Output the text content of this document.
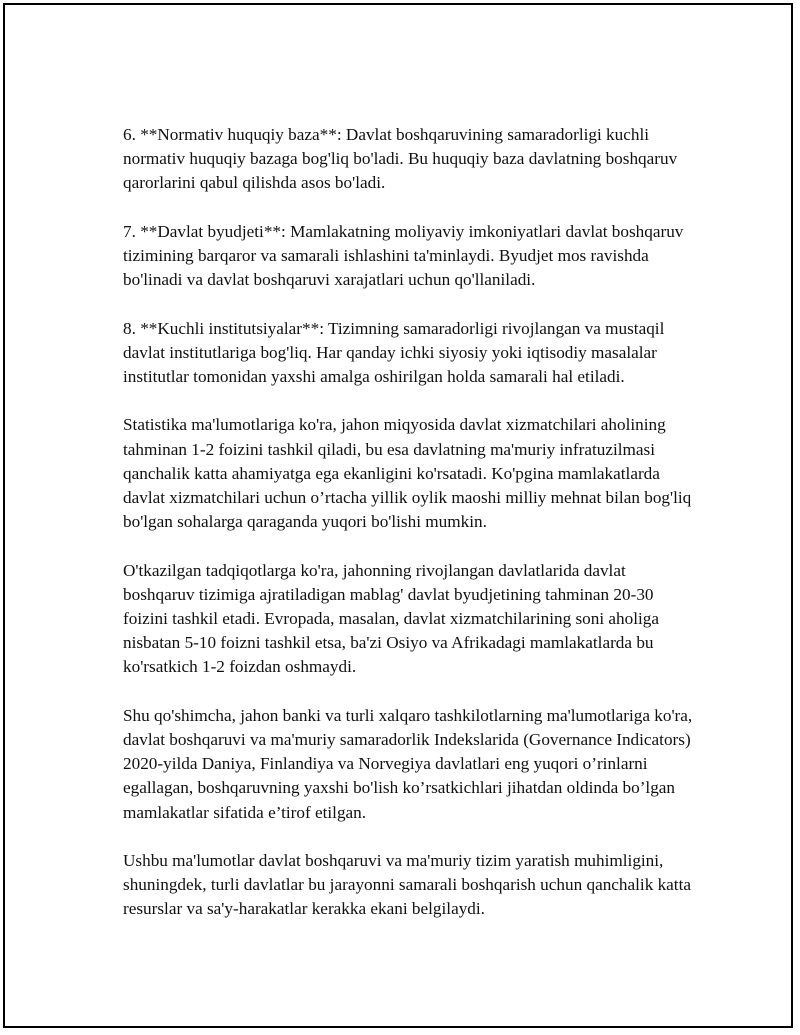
6. **Normativ huquqiy baza**: Davlat boshqaruvining samaradorligi kuchli normativ huquqiy bazaga bog'liq bo'ladi. Bu huquqiy baza davlatning boshqaruv qarorlarini qabul qilishda asos bo'ladi.

7. **Davlat byudjeti**: Mamlakatning moliyaviy imkoniyatlari davlat boshqaruv tizimining barqaror va samarali ishlashini ta'minlaydi. Byudjet mos ravishda bo'linadi va davlat boshqaruvi xarajatlari uchun qo'llaniladi.

8. **Kuchli institutsiyalar**: Tizimning samaradorligi rivojlangan va mustaqil davlat institutlariga bog'liq. Har qanday ichki siyosiy yoki iqtisodiy masalalar institutlar tomonidan yaxshi amalga oshirilgan holda samarali hal etiladi.

Statistika ma'lumotlariga ko'ra, jahon miqyosida davlat xizmatchilari aholining tahminan 1-2 foizini tashkil qiladi, bu esa davlatning ma'muriy infratuzilmasi qanchalik katta ahamiyatga ega ekanligini ko'rsatadi. Ko'pgina mamlakatlarda davlat xizmatchilari uchun o’rtacha yillik oylik maoshi milliy mehnat bilan bog'liq bo'lgan sohalarga qaraganda yuqori bo'lishi mumkin.

O'tkazilgan tadqiqotlarga ko'ra, jahonning rivojlangan davlatlarida davlat boshqaruv tizimiga ajratiladigan mablag' davlat byudjetining tahminan 20-30 foizini tashkil etadi. Evropada, masalan, davlat xizmatchilarining soni aholiga nisbatan 5-10 foizni tashkil etsa, ba'zi Osiyo va Afrikadagi mamlakatlarda bu ko'rsatkich 1-2 foizdan oshmaydi.

Shu qo'shimcha, jahon banki va turli xalqaro tashkilotlarning ma'lumotlariga ko'ra, davlat boshqaruvi va ma'muriy samaradorlik Indekslarida (Governance Indicators) 2020-yilda Daniya, Finlandiya va Norvegiya davlatlari eng yuqori o’rinlarni egallagan, boshqaruvning yaxshi bo'lish ko’rsatkichlari jihatdan oldinda bo’lgan mamlakatlar sifatida e’tirof etilgan.

Ushbu ma'lumotlar davlat boshqaruvi va ma'muriy tizim yaratish muhimligini, shuningdek, turli davlatlar bu jarayonni samarali boshqarish uchun qanchalik katta resurslar va sa'y-harakatlar kerakka ekani belgilaydi.
